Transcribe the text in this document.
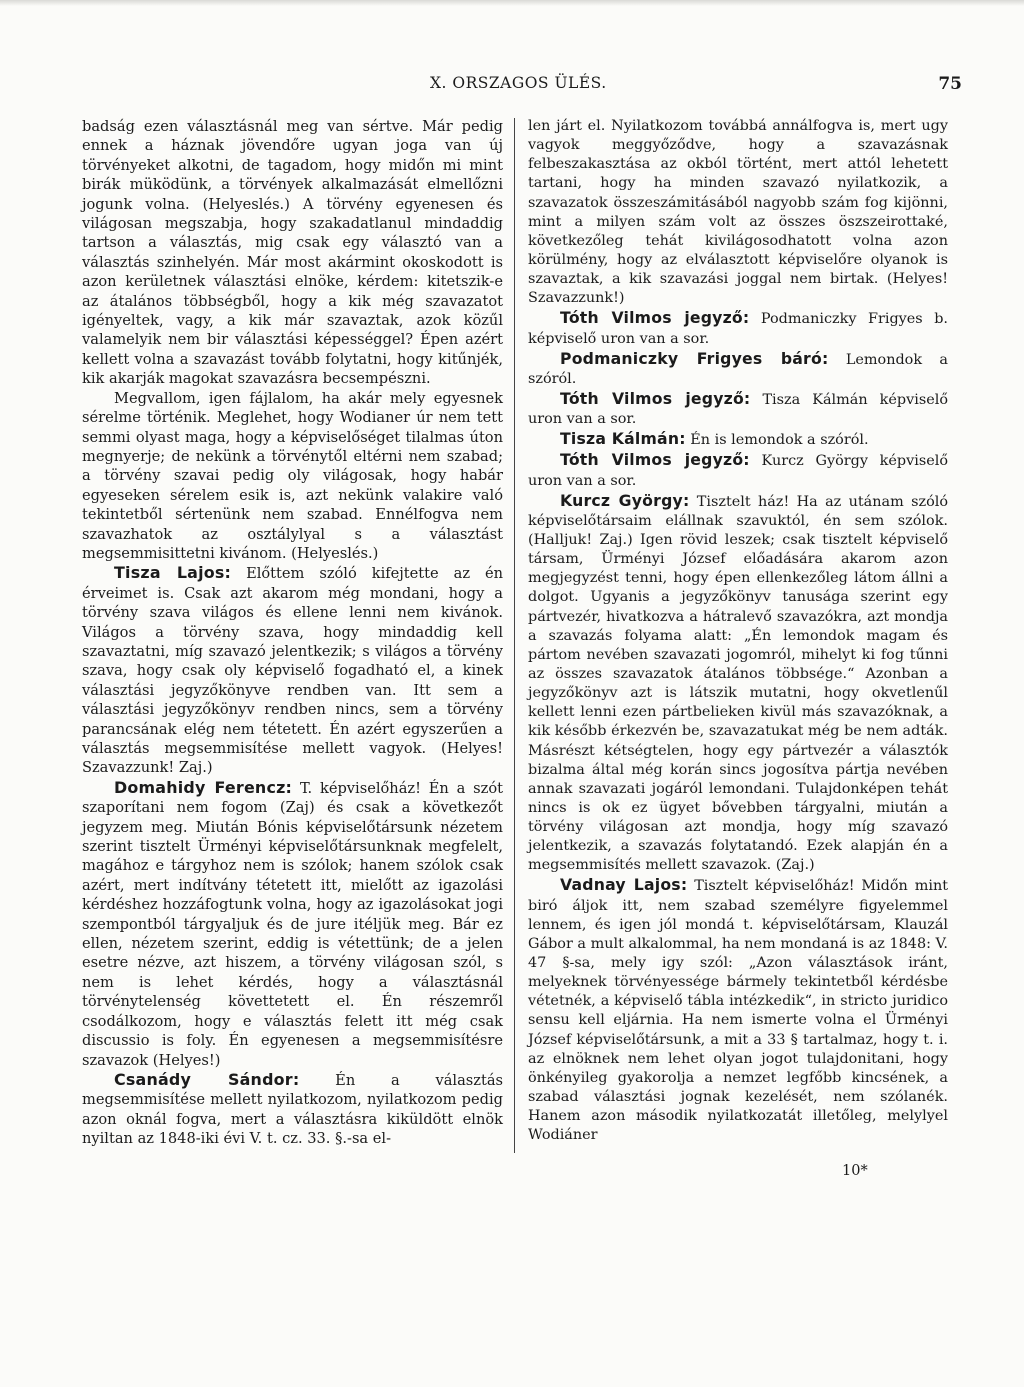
X. ORSZAGOS ÜLÉS.	75

badság ezen választásnál meg van sértve. Már pedig ennek a háznak jövendőre ugyan joga van új törvényeket alkotni, de tagadom, hogy midőn mi mint birák müködünk, a törvények alkalmazását elmellőzni jogunk volna. (Helyeslés.) A törvény egyenesen és világosan megszabja, hogy szakadatlanul mindaddig tartson a választás, mig csak egy választó van a választás szinhelyén. Már most akármint okoskodott is azon kerületnek választási elnöke, kérdem: kitetszik-e az átalános többségből, hogy a kik még szavazatot igényeltek, vagy, a kik már szavaztak, azok közűl valamelyik nem bir választási képességgel? Épen azért kellett volna a szavazást tovább folytatni, hogy kitűnjék, kik akarják magokat szavazásra becsempészni.

Megvallom, igen fájlalom, ha akár mely egyesnek sérelme történik. Meglehet, hogy Wodianer úr nem tett semmi olyast maga, hogy a képviselőséget tilalmas úton megnyerje; de nekünk a törvénytől eltérni nem szabad; a törvény szavai pedig oly világosak, hogy habár egyeseken sérelem esik is, azt nekünk valakire való tekintetből sértenünk nem szabad. Ennélfogva nem szavazhatok az osztálylyal s a választást megsemmisittetni kivánom. (Helyeslés.)

Tisza Lajos: Előttem szóló kifejtette az én érveimet is. Csak azt akarom még mondani, hogy a törvény szava világos és ellene lenni nem kivánok. Világos a törvény szava, hogy mindaddig kell szavaztatni, míg szavazó jelentkezik; s világos a törvény szava, hogy csak oly képviselő fogadható el, a kinek választási jegyzőkönyve rendben van. Itt sem a választási jegyzőkönyv rendben nincs, sem a törvény parancsának elég nem tétetett. Én azért egyszerűen a választás megsemmisítése mellett vagyok. (Helyes! Szavazzunk! Zaj.)

Domahidy Ferencz: T. képviselőház! Én a szót szaporítani nem fogom (Zaj) és csak a következőt jegyzem meg. Miután Bónis képviselőtársunk nézetem szerint tisztelt Ürményi képviselőtársunknak megfelelt, magához e tárgyhoz nem is szólok; hanem szólok csak azért, mert indítvány tétetett itt, mielőtt az igazolási kérdéshez hozzáfogtunk volna, hogy az igazolásokat jogi szempontból tárgyaljuk és de jure itéljük meg. Bár ez ellen, nézetem szerint, eddig is vétettünk; de a jelen esetre nézve, azt hiszem, a törvény világosan szól, s nem is lehet kérdés, hogy a választásnál törvénytelenség követtetett el. Én részemről csodálkozom, hogy e választás felett itt még csak discussio is foly. Én egyenesen a megsemmisítésre szavazok (Helyes!)

Csanády Sándor: Én a választás megsemmisítése mellett nyilatkozom, nyilatkozom pedig azon oknál fogva, mert a választásra kiküldött elnök nyiltan az 1848-iki évi V. t. cz. 33. §.-sa el-

len járt el. Nyilatkozom továbbá annálfogva is, mert ugy vagyok meggyőződve, hogy a szavazásnak felbeszakasztása az okból történt, mert attól lehetett tartani, hogy ha minden szavazó nyilatkozik, a szavazatok összeszámitásából nagyobb szám fog kijönni, mint a milyen szám volt az összes öszszeirottaké, következőleg tehát kivilágosodhatott volna azon körülmény, hogy az elválasztott képviselőre olyanok is szavaztak, a kik szavazási joggal nem birtak. (Helyes! Szavazzunk!)

Tóth Vilmos jegyző: Podmaniczky Frigyes b. képviselő uron van a sor.

Podmaniczky Frigyes báró: Lemondok a szóról.

Tóth Vilmos jegyző: Tisza Kálmán képviselő uron van a sor.

Tisza Kálmán: Én is lemondok a szóról.

Tóth Vilmos jegyző: Kurcz György képviselő uron van a sor.

Kurcz György: Tisztelt ház! Ha az utánam szóló képviselőtársaim elállnak szavuktól, én sem szólok. (Halljuk! Zaj.) Igen rövid leszek; csak tisztelt képviselő társam, Ürményi József előadására akarom azon megjegyzést tenni, hogy épen ellenkezőleg látom állni a dolgot. Ugyanis a jegyzőkönyv tanusága szerint egy pártvezér, hivatkozva a hátralevő szavazókra, azt mondja a szavazás folyama alatt: „Én lemondok magam és pártom nevében szavazati jogomról, mihelyt ki fog tűnni az összes szavazatok átalános többsége.“ Azonban a jegyzőkönyv azt is látszik mutatni, hogy okvetlenűl kellett lenni ezen pártbelieken kivül más szavazóknak, a kik később érkezvén be, szavazatukat még be nem adták. Másrészt kétségtelen, hogy egy pártvezér a választók bizalma által még korán sincs jogosítva pártja nevében annak szavazati jogáról lemondani. Tulajdonképen tehát nincs is ok ez ügyet bővebben tárgyalni, miután a törvény világosan azt mondja, hogy míg szavazó jelentkezik, a szavazás folytatandó. Ezek alapján én a megsemmisítés mellett szavazok. (Zaj.)

Vadnay Lajos: Tisztelt képviselőház! Midőn mint biró áljok itt, nem szabad személyre figyelemmel lennem, és igen jól mondá t. képviselőtársam, Klauzál Gábor a mult alkalommal, ha nem mondaná is az 1848: V. 47 §-sa, mely igy szól: „Azon választások iránt, melyeknek törvényessége bármely tekintetből kérdésbe vétetnék, a képviselő tábla intézkedik“, in stricto juridico sensu kell eljárnia. Ha nem ismerte volna el Ürményi József képviselőtársunk, a mit a 33 § tartalmaz, hogy t. i. az elnöknek nem lehet olyan jogot tulajdonitani, hogy önkényileg gyakorolja a nemzet legfőbb kincsének, a szabad választási jognak kezelését, nem szólanék. Hanem azon második nyilatkozatát illetőleg, melylyel Wodiáner

10*
